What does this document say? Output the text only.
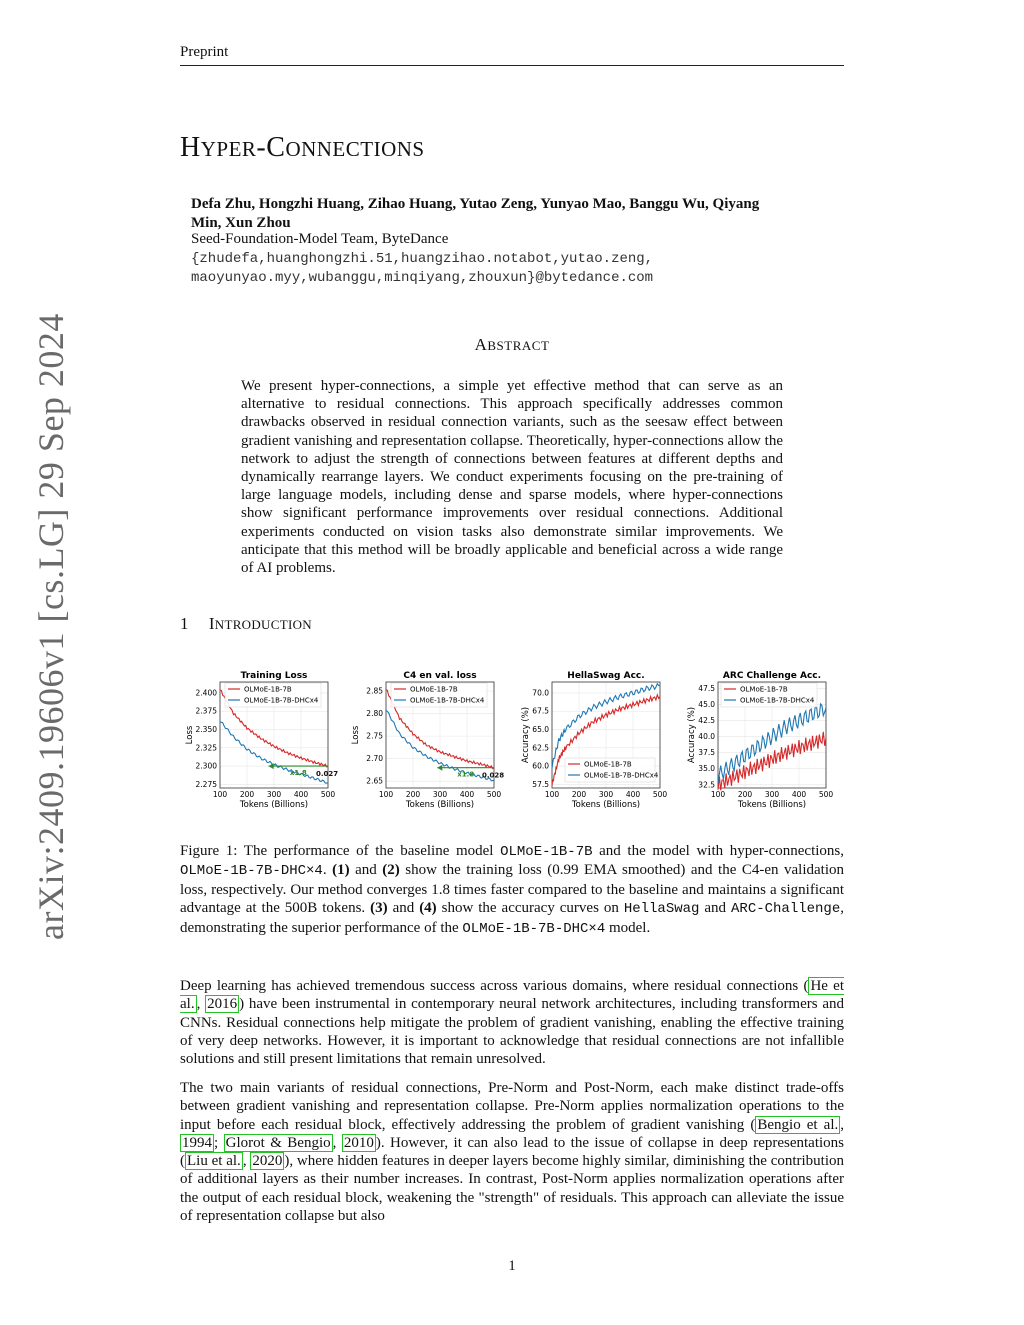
Preprint
arXiv:2409.19606v1 [cs.LG] 29 Sep 2024
HYPER-CONNECTIONS
Defa Zhu, Hongzhi Huang, Zihao Huang, Yutao Zeng, Yunyao Mao, Banggu Wu, Qiyang Min, Xun Zhou
Seed-Foundation-Model Team, ByteDance
{zhudefa,huanghongzhi.51,huangzihao.notabot,yutao.zeng,
maoyunyao.myy,wubanggu,minqiyang,zhouxun}@bytedance.com
ABSTRACT
We present hyper-connections, a simple yet effective method that can serve as an alternative to residual connections. This approach specifically addresses common drawbacks observed in residual connection variants, such as the seesaw effect between gradient vanishing and representation collapse. Theoretically, hyper-connections allow the network to adjust the strength of connections between features at different depths and dynamically rearrange layers. We conduct experiments focusing on the pre-training of large language models, including dense and sparse models, where hyper-connections show significant performance improvements over residual connections. Additional experiments conducted on vision tasks also demonstrate similar improvements. We anticipate that this method will be broadly applicable and beneficial across a wide range of AI problems.
1 INTRODUCTION
Training Loss
2.275
2.300
2.325
2.350
2.375
2.400
100 200 300 400 500
Tokens (Billions)
Loss
OLMoE-1B-7B
OLMoE-1B-7B-DHCx4
x1.8 0.027
C4 en val. loss
2.65
2.70
2.75
2.80
2.85
100 200 300 400 500
Tokens (Billions)
Loss
OLMoE-1B-7B
OLMoE-1B-7B-DHCx4
x1.8 0.028
HellaSwag Acc.
57.5
60.0
62.5
65.0
67.5
70.0
100 200 300 400 500
Tokens (Billions)
Accuracy (%)
OLMoE-1B-7B
OLMoE-1B-7B-DHCx4
ARC Challenge Acc.
32.5
35.0
37.5
40.0
42.5
45.0
47.5
100 200 300 400 500
Tokens (Billions)
Accuracy (%)
OLMoE-1B-7B
OLMoE-1B-7B-DHCx4
Figure 1: The performance of the baseline model OLMoE-1B-7B and the model with hyper-connections, OLMoE-1B-7B-DHC×4. (1) and (2) show the training loss (0.99 EMA smoothed) and the C4-en validation loss, respectively. Our method converges 1.8 times faster compared to the baseline and maintains a significant advantage at the 500B tokens. (3) and (4) show the accuracy curves on HellaSwag and ARC-Challenge, demonstrating the superior performance of the OLMoE-1B-7B-DHC×4 model.
Deep learning has achieved tremendous success across various domains, where residual connections ( He et al. , 2016 ) have been instrumental in contemporary neural network architectures, including transformers and CNNs. Residual connections help mitigate the problem of gradient vanishing, enabling the effective training of very deep networks. However, it is important to acknowledge that residual connections are not infallible solutions and still present limitations that remain unresolved.
The two main variants of residual connections, Pre-Norm and Post-Norm, each make distinct trade-offs between gradient vanishing and representation collapse. Pre-Norm applies normalization operations to the input before each residual block, effectively addressing the problem of gradient vanishing ( Bengio et al. , 1994 ; Glorot & Bengio , 2010 ). However, it can also lead to the issue of collapse in deep representations ( Liu et al. , 2020 ), where hidden features in deeper layers become highly similar, diminishing the contribution of additional layers as their number increases. In contrast, Post-Norm applies normalization operations after the output of each residual block, weakening the "strength" of residuals. This approach can alleviate the issue of representation collapse but also
1
